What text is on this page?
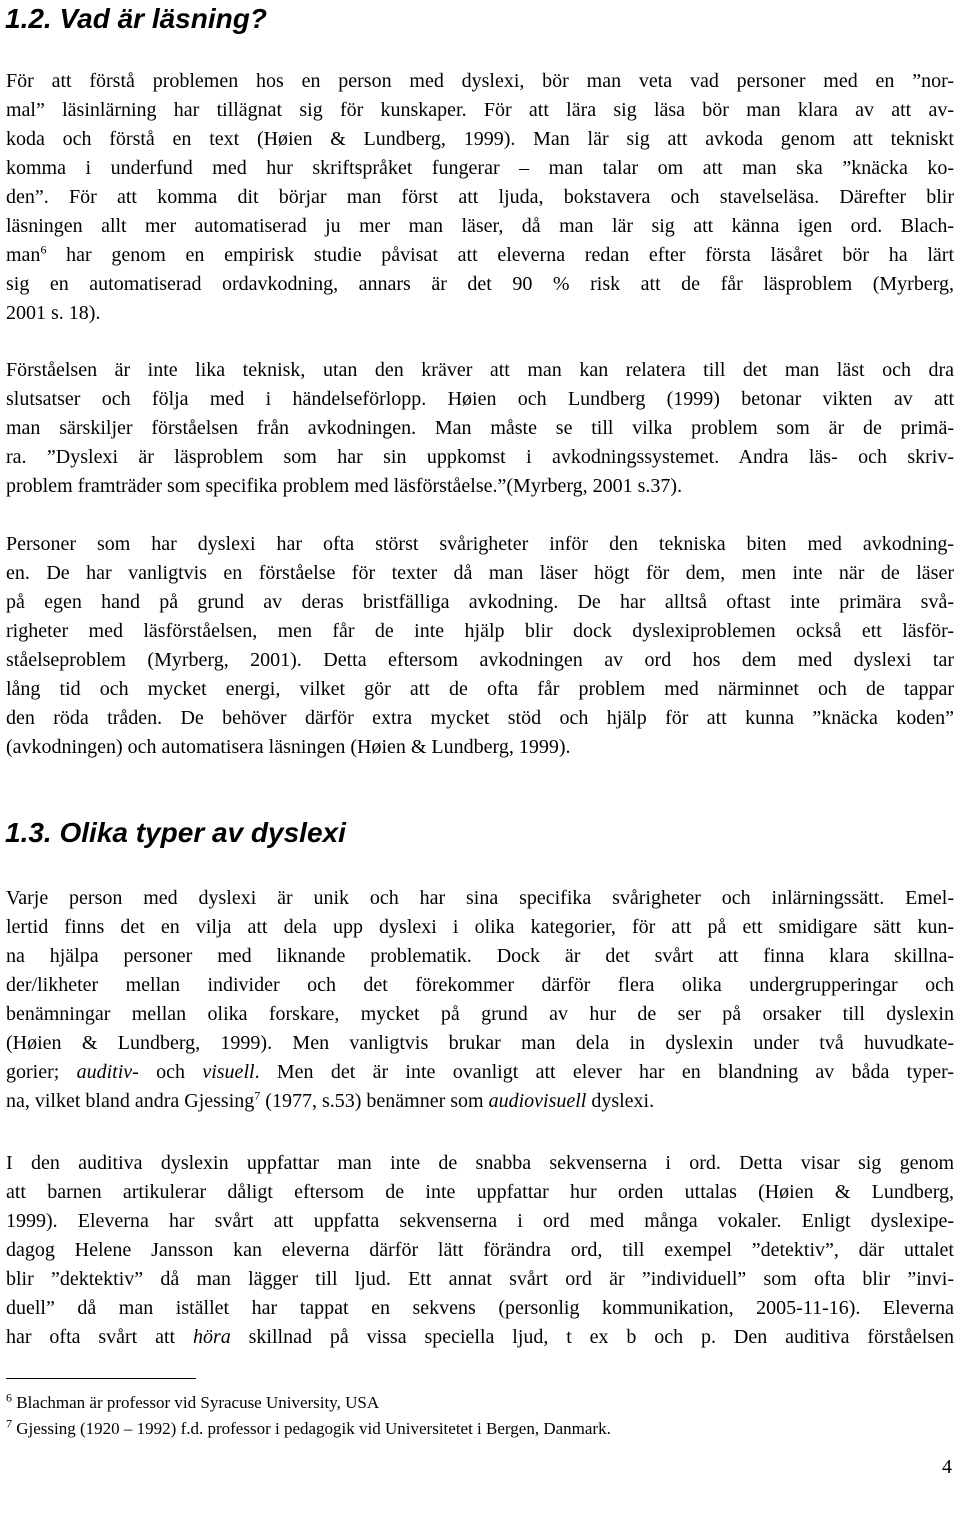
1.2. Vad är läsning?

För att förstå problemen hos en person med dyslexi, bör man veta vad personer med en ”nor-
mal” läsinlärning har tillägnat sig för kunskaper. För att lära sig läsa bör man klara av att av-
koda och förstå en text (Høien & Lundberg, 1999). Man lär sig att avkoda genom att tekniskt
komma i underfund med hur skriftspråket fungerar – man talar om att man ska ”knäcka ko-
den”. För att komma dit börjar man först att ljuda, bokstavera och stavelseläsa. Därefter blir
läsningen allt mer automatiserad ju mer man läser, då man lär sig att känna igen ord. Blach-
man$^6$ har genom en empirisk studie påvisat att eleverna redan efter första läsåret bör ha lärt
sig en automatiserad ordavkodning, annars är det 90 % risk att de får läsproblem (Myrberg,
2001 s. 18).

Förståelsen är inte lika teknisk, utan den kräver att man kan relatera till det man läst och dra
slutsatser och följa med i händelseförlopp. Høien och Lundberg (1999) betonar vikten av att
man särskiljer förståelsen från avkodningen. Man måste se till vilka problem som är de primä-
ra. ”Dyslexi är läsproblem som har sin uppkomst i avkodningssystemet. Andra läs- och skriv-
problem framträder som specifika problem med läsförståelse.”(Myrberg, 2001 s.37).

Personer som har dyslexi har ofta störst svårigheter inför den tekniska biten med avkodning-
en. De har vanligtvis en förståelse för texter då man läser högt för dem, men inte när de läser
på egen hand på grund av deras bristfälliga avkodning. De har alltså oftast inte primära svå-
righeter med läsförståelsen, men får de inte hjälp blir dock dyslexiproblemen också ett läsför-
ståelseproblem (Myrberg, 2001). Detta eftersom avkodningen av ord hos dem med dyslexi tar
lång tid och mycket energi, vilket gör att de ofta får problem med närminnet och de tappar
den röda tråden. De behöver därför extra mycket stöd och hjälp för att kunna ”knäcka koden”
(avkodningen) och automatisera läsningen (Høien & Lundberg, 1999).

1.3. Olika typer av dyslexi

Varje person med dyslexi är unik och har sina specifika svårigheter och inlärningssätt. Emel-
lertid finns det en vilja att dela upp dyslexi i olika kategorier, för att på ett smidigare sätt kun-
na hjälpa personer med liknande problematik. Dock är det svårt att finna klara skillna-
der/likheter mellan individer och det förekommer därför flera olika undergrupperingar och
benämningar mellan olika forskare, mycket på grund av hur de ser på orsaker till dyslexin
(Høien & Lundberg, 1999). Men vanligtvis brukar man dela in dyslexin under två huvudkate-
gorier; auditiv- och visuell. Men det är inte ovanligt att elever har en blandning av båda typer-
na, vilket bland andra Gjessing$^7$ (1977, s.53) benämner som audiovisuell dyslexi.

I den auditiva dyslexin uppfattar man inte de snabba sekvenserna i ord. Detta visar sig genom
att barnen artikulerar dåligt eftersom de inte uppfattar hur orden uttalas (Høien & Lundberg,
1999). Eleverna har svårt att uppfatta sekvenserna i ord med många vokaler. Enligt dyslexipe-
dagog Helene Jansson kan eleverna därför lätt förändra ord, till exempel ”detektiv”, där uttalet
blir ”dektektiv” då man lägger till ljud. Ett annat svårt ord är ”individuell” som ofta blir ”invi-
duell” då man istället har tappat en sekvens (personlig kommunikation, 2005-11-16). Eleverna
har ofta svårt att höra skillnad på vissa speciella ljud, t ex b och p. Den auditiva förståelsen

$^6$ Blachman är professor vid Syracuse University, USA

$^7$ Gjessing (1920 – 1992) f.d. professor i pedagogik vid Universitetet i Bergen, Danmark.

4
